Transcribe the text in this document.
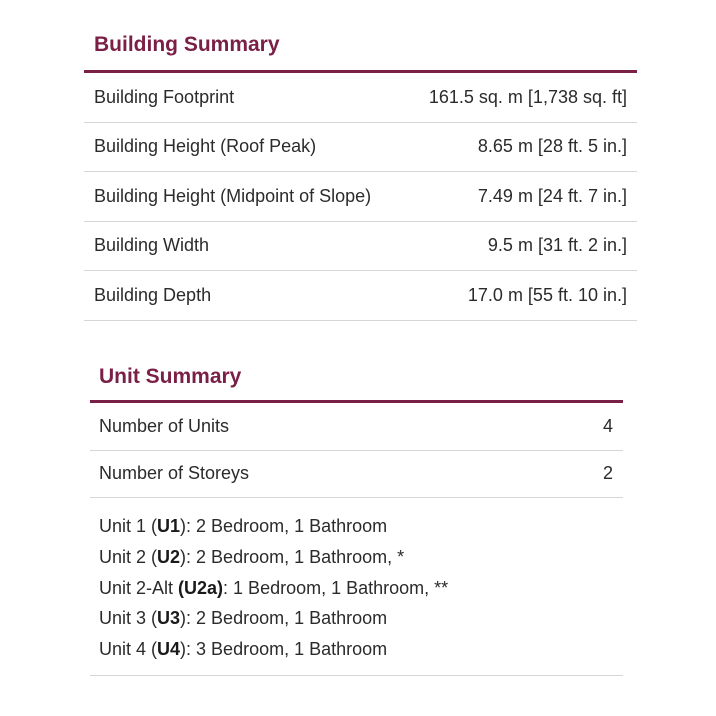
Building Summary
Building Footprint	161.5 sq. m [1,738 sq. ft]
Building Height (Roof Peak)	8.65 m [28 ft. 5 in.]
Building Height (Midpoint of Slope)	7.49 m [24 ft. 7 in.]
Building Width	9.5 m [31 ft. 2 in.]
Building Depth	17.0 m [55 ft. 10 in.]
Unit Summary
Number of Units	4
Number of Storeys	2
Unit 1 (U1): 2 Bedroom, 1 Bathroom
Unit 2 (U2): 2 Bedroom, 1 Bathroom, *
Unit 2-Alt (U2a): 1 Bedroom, 1 Bathroom, **
Unit 3 (U3): 2 Bedroom, 1 Bathroom
Unit 4 (U4): 3 Bedroom, 1 Bathroom
